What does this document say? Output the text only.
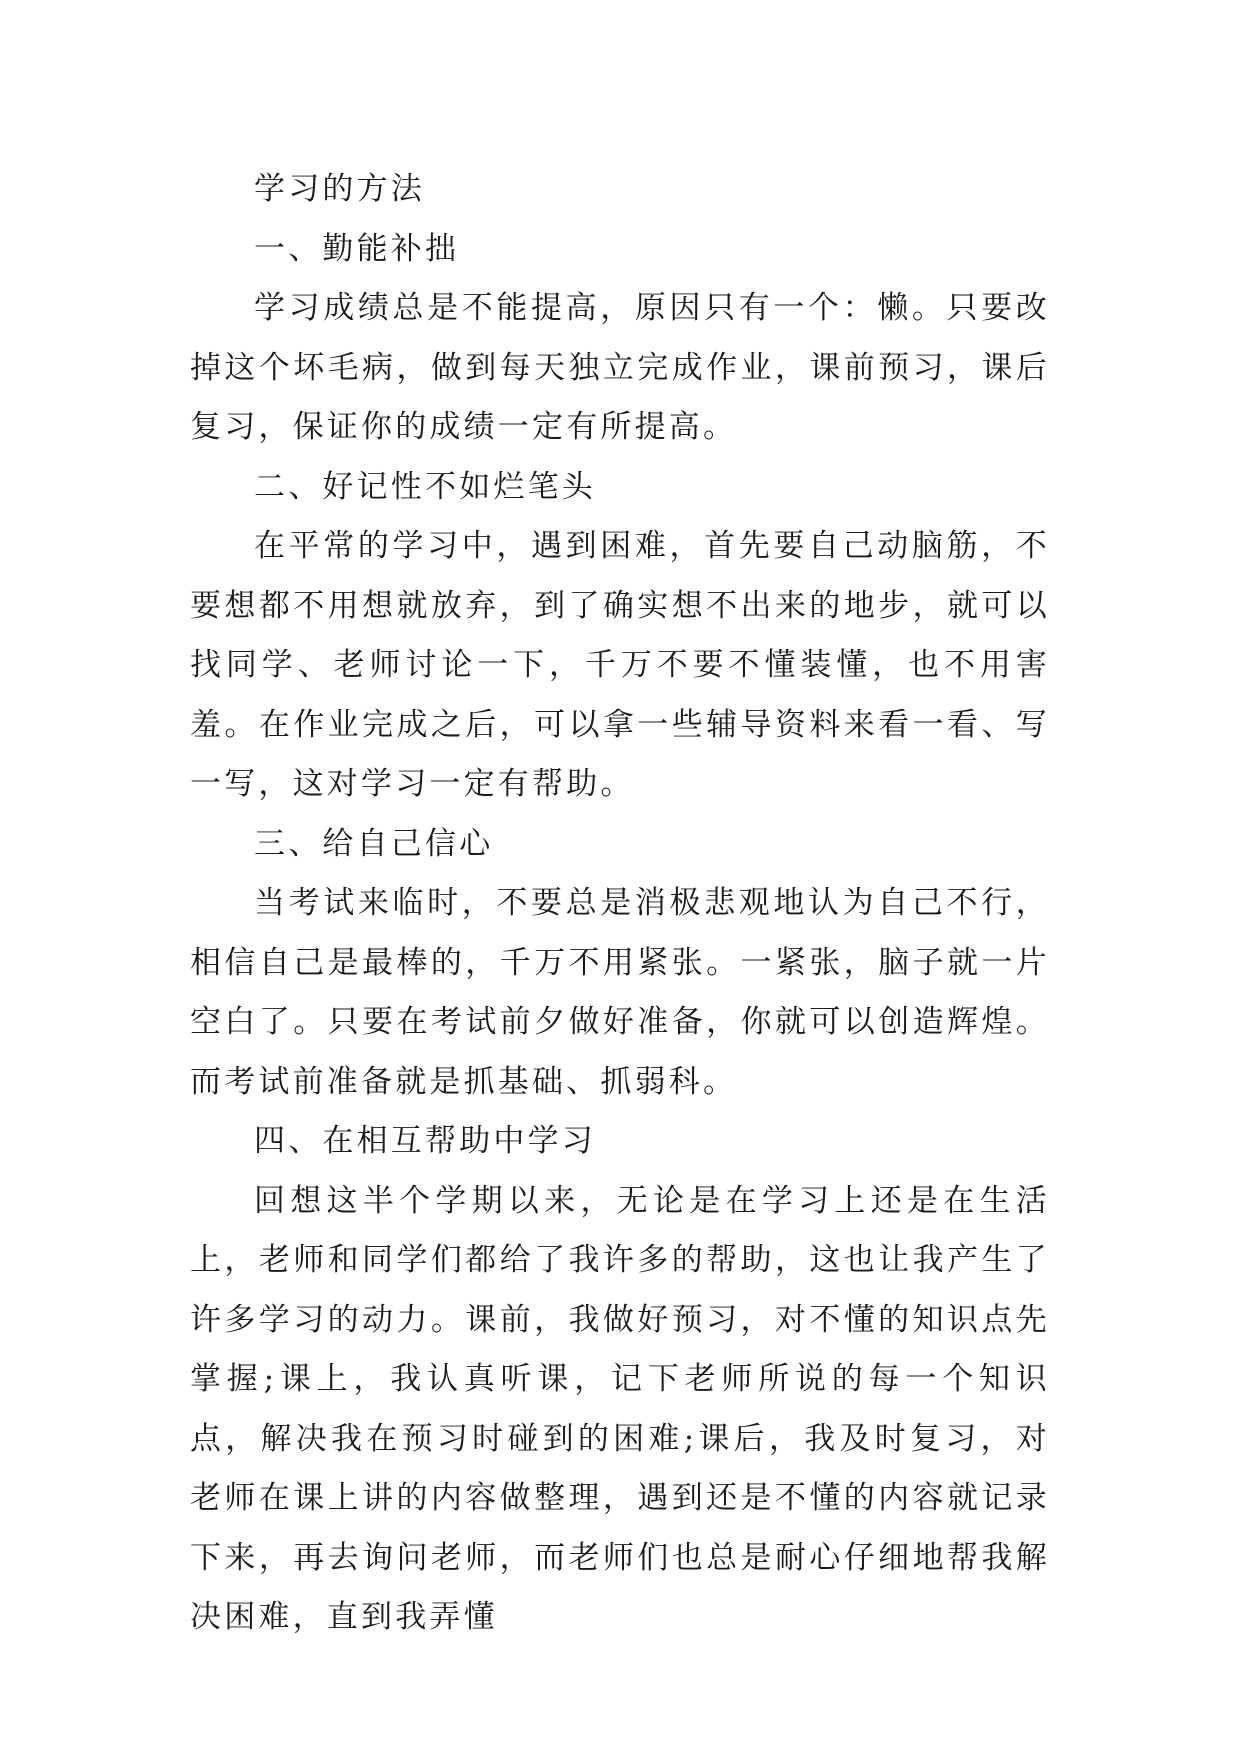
学习的方法

一、勤能补拙

学习成绩总是不能提高，原因只有一个：懒。只要改掉这个坏毛病，做到每天独立完成作业，课前预习，课后复习，保证你的成绩一定有所提高。

二、好记性不如烂笔头

在平常的学习中，遇到困难，首先要自己动脑筋，不要想都不用想就放弃，到了确实想不出来的地步，就可以找同学、老师讨论一下，千万不要不懂装懂，也不用害羞。在作业完成之后，可以拿一些辅导资料来看一看、写一写，这对学习一定有帮助。

三、给自己信心

当考试来临时，不要总是消极悲观地认为自己不行，相信自己是最棒的，千万不用紧张。一紧张，脑子就一片空白了。只要在考试前夕做好准备，你就可以创造辉煌。而考试前准备就是抓基础、抓弱科。

四、在相互帮助中学习

回想这半个学期以来，无论是在学习上还是在生活上，老师和同学们都给了我许多的帮助，这也让我产生了许多学习的动力。课前，我做好预习，对不懂的知识点先掌握;课上，我认真听课，记下老师所说的每一个知识点，解决我在预习时碰到的困难;课后，我及时复习，对老师在课上讲的内容做整理，遇到还是不懂的内容就记录下来，再去询问老师，而老师们也总是耐心仔细地帮我解决困难，直到我弄懂
